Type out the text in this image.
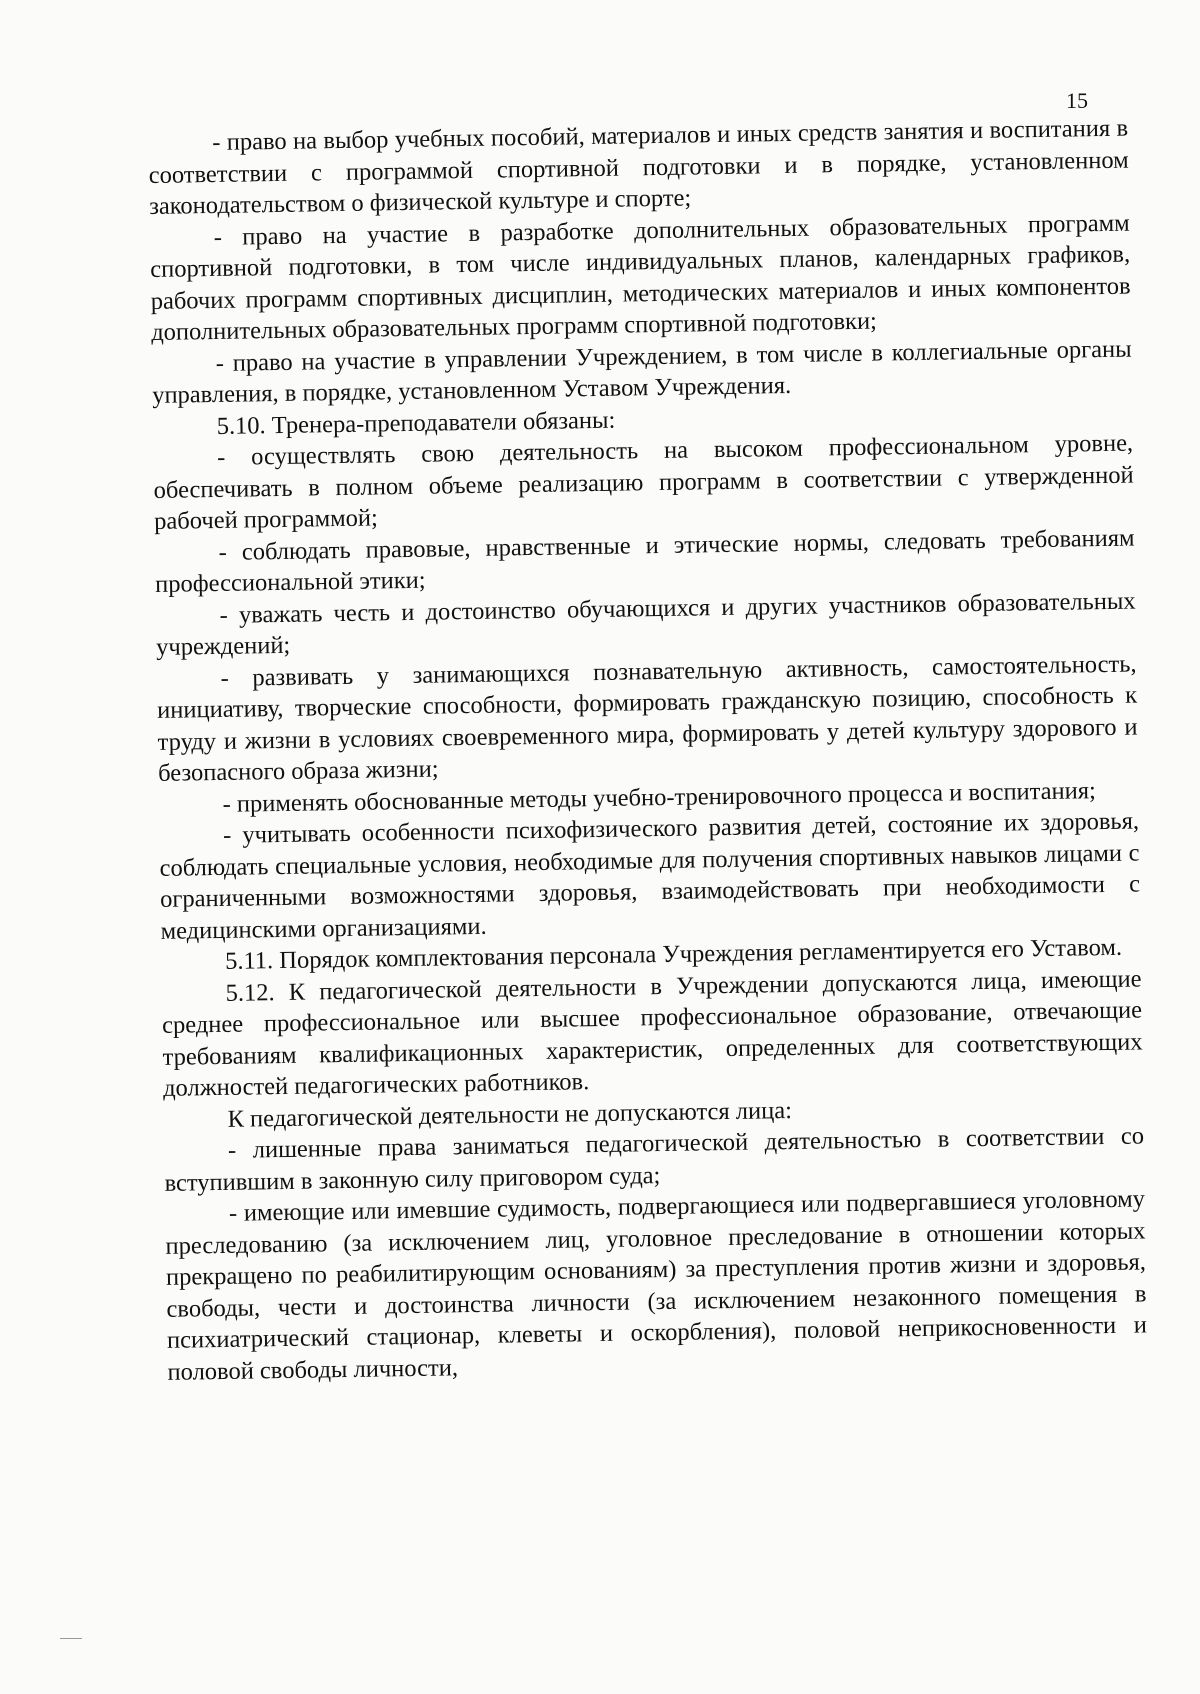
15

- право на выбор учебных пособий, материалов и иных средств занятия и воспитания в соответствии с программой спортивной подготовки и в порядке, установленном законодательством о физической культуре и спорте;

- право на участие в разработке дополнительных образовательных программ спортивной подготовки, в том числе индивидуальных планов, календарных графиков, рабочих программ спортивных дисциплин, методических материалов и иных компонентов дополнительных образовательных программ спортивной подготовки;

- право на участие в управлении Учреждением, в том числе в коллегиальные органы управления, в порядке, установленном Уставом Учреждения.

5.10. Тренера-преподаватели обязаны:

- осуществлять свою деятельность на высоком профессиональном уровне, обеспечивать в полном объеме реализацию программ в соответствии с утвержденной рабочей программой;

- соблюдать правовые, нравственные и этические нормы, следовать требованиям профессиональной этики;

- уважать честь и достоинство обучающихся и других участников образовательных учреждений;

- развивать у занимающихся познавательную активность, самостоятельность, инициативу, творческие способности, формировать гражданскую позицию, способность к труду и жизни в условиях своевременного мира, формировать у детей культуру здорового и безопасного образа жизни;

- применять обоснованные методы учебно-тренировочного процесса и воспитания;

- учитывать особенности психофизического развития детей, состояние их здоровья, соблюдать специальные условия, необходимые для получения спортивных навыков лицами с ограниченными возможностями здоровья, взаимодействовать при необходимости с медицинскими организациями.

5.11. Порядок комплектования персонала Учреждения регламентируется его Уставом.

5.12. К педагогической деятельности в Учреждении допускаются лица, имеющие среднее профессиональное или высшее профессиональное образование, отвечающие требованиям квалификационных характеристик, определенных для соответствующих должностей педагогических работников.

К педагогической деятельности не допускаются лица:

- лишенные права заниматься педагогической деятельностью в соответствии со вступившим в законную силу приговором суда;

- имеющие или имевшие судимость, подвергающиеся или подвергавшиеся уголовному преследованию (за исключением лиц, уголовное преследование в отношении которых прекращено по реабилитирующим основаниям) за преступления против жизни и здоровья, свободы, чести и достоинства личности (за исключением незаконного помещения в психиатрический стационар, клеветы и оскорбления), половой неприкосновенности и половой свободы личности,
